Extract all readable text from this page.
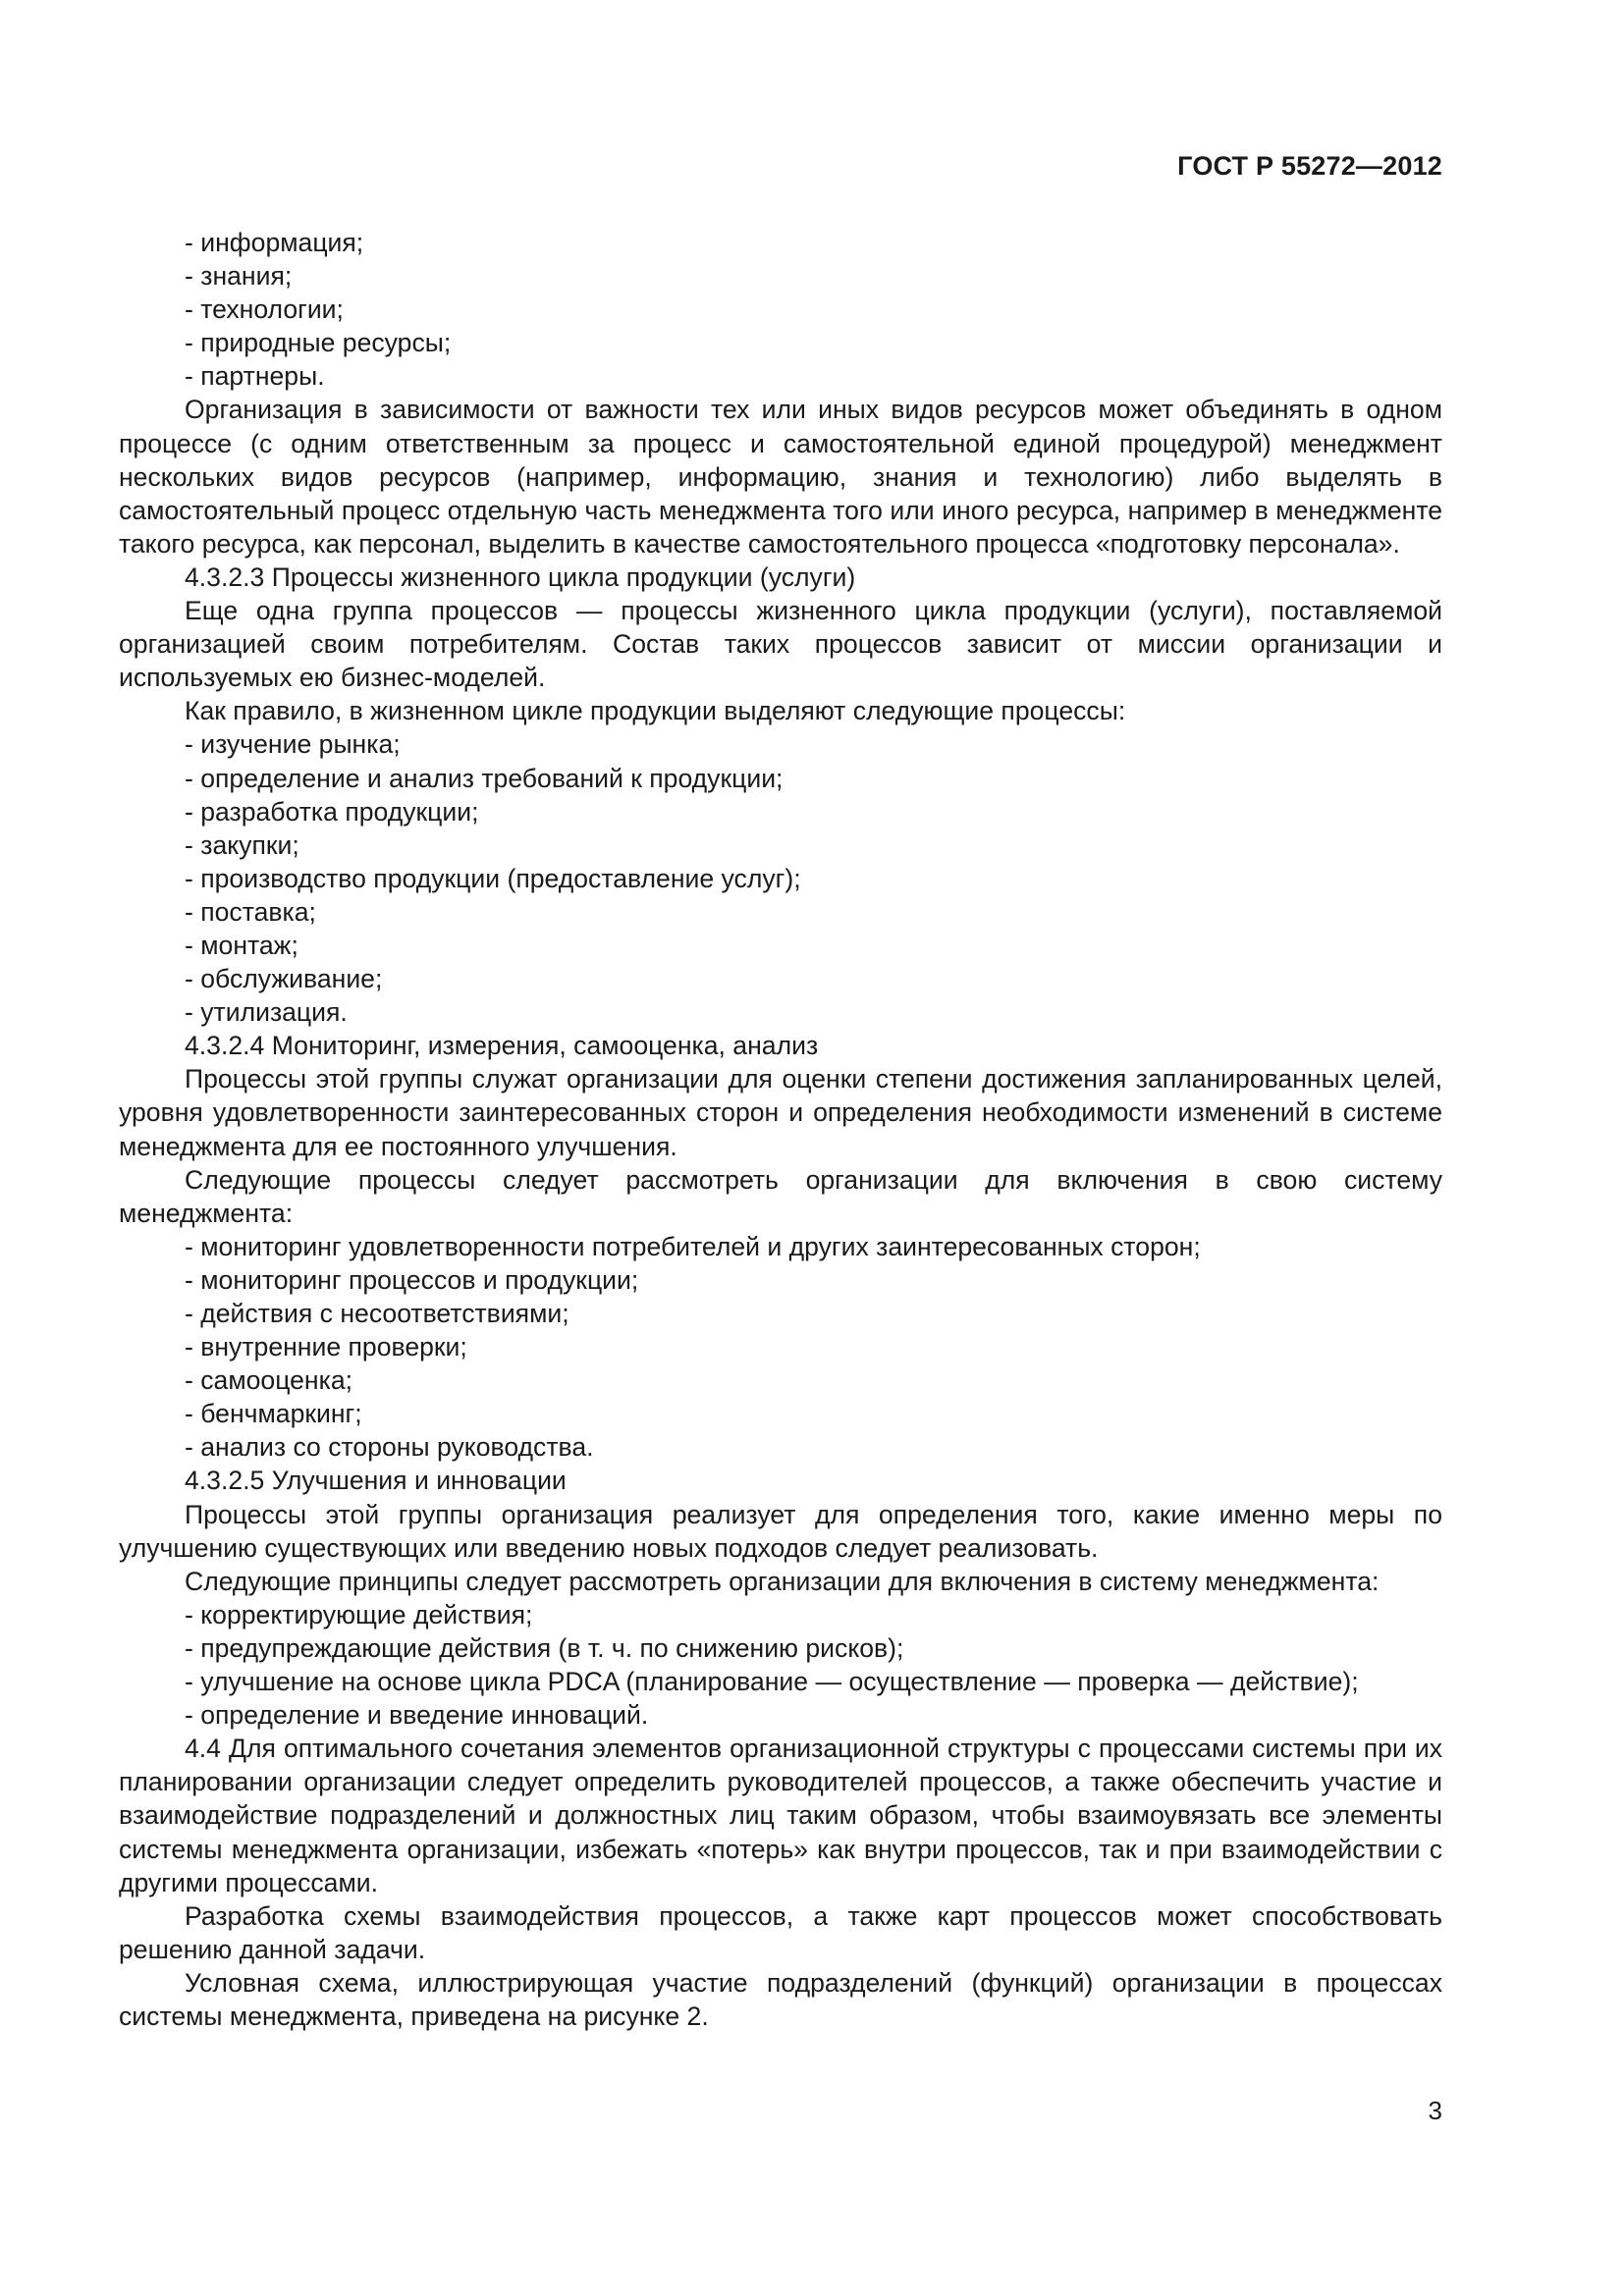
ГОСТ Р 55272—2012

- информация;

- знания;

- технологии;

- природные ресурсы;

- партнеры.

Организация в зависимости от важности тех или иных видов ресурсов может объединять в одном процессе (с одним ответственным за процесс и самостоятельной единой процедурой) менеджмент нескольких видов ресурсов (например, информацию, знания и технологию) либо выделять в самостоятельный процесс отдельную часть менеджмента того или иного ресурса, например в менеджменте такого ресурса, как персонал, выделить в качестве самостоятельного процесса «подготовку персонала».

4.3.2.3 Процессы жизненного цикла продукции (услуги)

Еще одна группа процессов — процессы жизненного цикла продукции (услуги), поставляемой организацией своим потребителям. Состав таких процессов зависит от миссии организации и используемых ею бизнес-моделей.

Как правило, в жизненном цикле продукции выделяют следующие процессы:

- изучение рынка;

- определение и анализ требований к продукции;

- разработка продукции;

- закупки;

- производство продукции (предоставление услуг);

- поставка;

- монтаж;

- обслуживание;

- утилизация.

4.3.2.4 Мониторинг, измерения, самооценка, анализ

Процессы этой группы служат организации для оценки степени достижения запланированных целей, уровня удовлетворенности заинтересованных сторон и определения необходимости изменений в системе менеджмента для ее постоянного улучшения.

Следующие процессы следует рассмотреть организации для включения в свою систему менеджмента:

- мониторинг удовлетворенности потребителей и других заинтересованных сторон;

- мониторинг процессов и продукции;

- действия с несоответствиями;

- внутренние проверки;

- самооценка;

- бенчмаркинг;

- анализ со стороны руководства.

4.3.2.5 Улучшения и инновации

Процессы этой группы организация реализует для определения того, какие именно меры по улучшению существующих или введению новых подходов следует реализовать.

Следующие принципы следует рассмотреть организации для включения в систему менеджмента:

- корректирующие действия;

- предупреждающие действия (в т. ч. по снижению рисков);

- улучшение на основе цикла PDCA (планирование — осуществление — проверка — действие);

- определение и введение инноваций.

4.4 Для оптимального сочетания элементов организационной структуры с процессами системы при их планировании организации следует определить руководителей процессов, а также обеспечить участие и взаимодействие подразделений и должностных лиц таким образом, чтобы взаимоувязать все элементы системы менеджмента организации, избежать «потерь» как внутри процессов, так и при взаимодействии с другими процессами.

Разработка схемы взаимодействия процессов, а также карт процессов может способствовать решению данной задачи.

Условная схема, иллюстрирующая участие подразделений (функций) организации в процессах системы менеджмента, приведена на рисунке 2.

3
